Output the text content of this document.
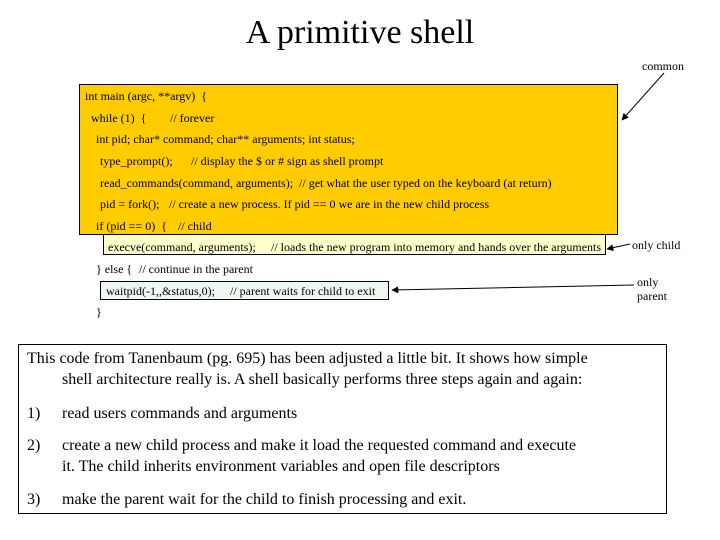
A primitive shell
common
int main (argc, **argv)  {
while (1)  { // forever
int pid; char* command; char** arguments; int status;
type_prompt(); // display the $ or # sign as shell prompt
read_commands(command, arguments);  // get what the user typed on the keyboard (at return)
pid = fork(); // create a new process. If pid == 0 we are in the new child process
if (pid == 0)  { // child
execve(command, arguments); // loads the new program into memory and hands over the arguments
} else { // continue in the parent
waitpid(-1,,&status,0); // parent waits for child to exit
}
only child
only
parent
This code from Tanenbaum (pg. 695) has been adjusted a little bit. It shows how simple
shell architecture really is. A shell basically performs three steps again and again:
1) read users commands and arguments
2) create a new child process and make it load the requested command and execute
it. The child inherits environment variables and open file descriptors
3) make the parent wait for the child to finish processing and exit.
